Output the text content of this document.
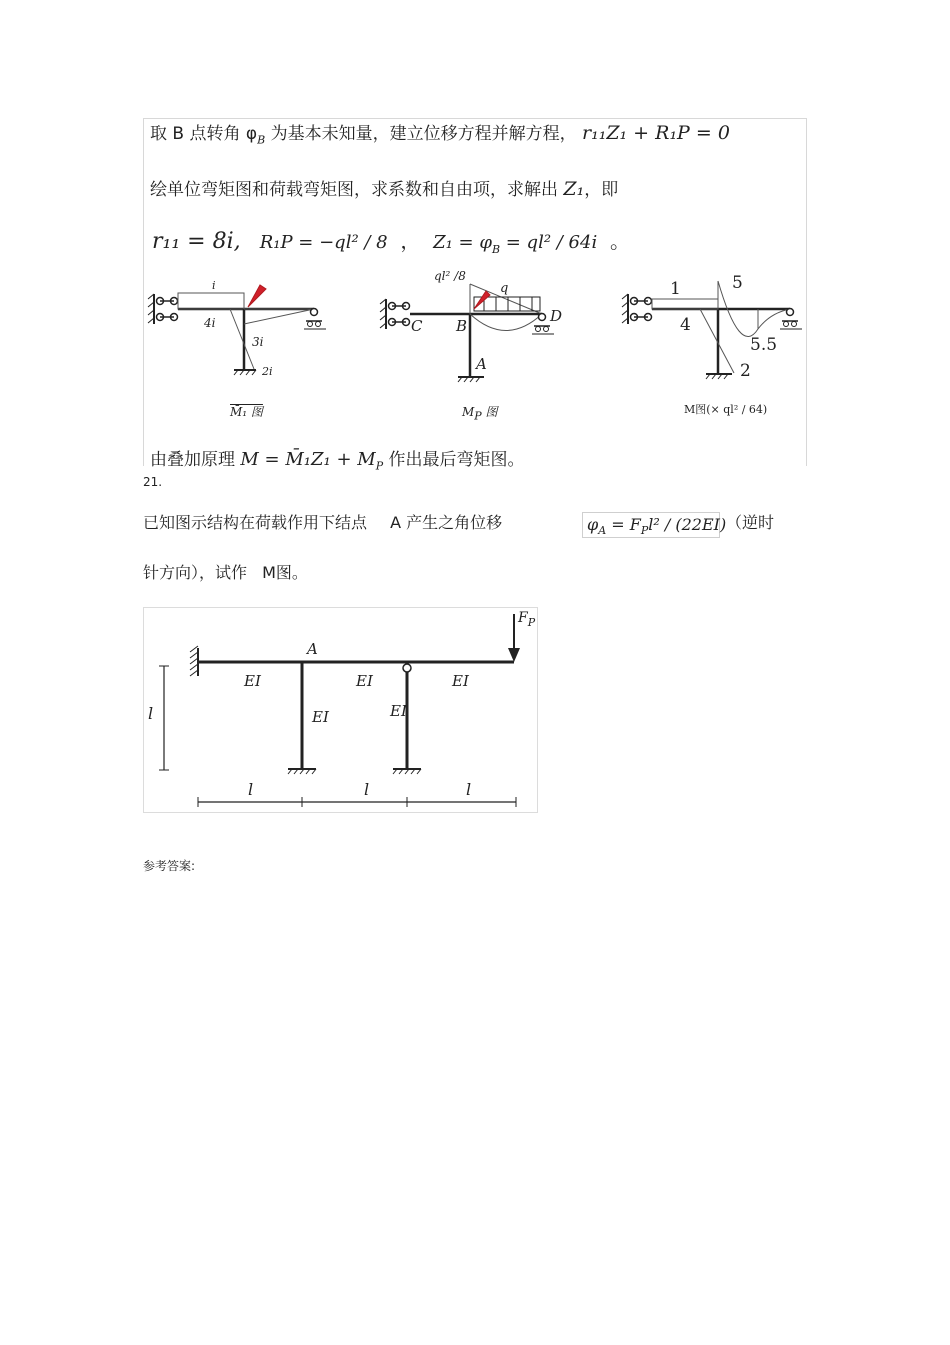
取 B 点转角 $\varphi_B$ 为基本未知量，建立位移方程并解方程， r₁₁Z₁ + R₁P = 0
绘单位弯矩图和荷载弯矩图，求系数和自由项，求解出 Z₁，即
r₁₁ = 8i, R₁P = −ql² / 8 ， $Z_1 = \varphi_B = ql^2 / 64i$ 。
i
4i
3i
2i
M̄₁ 图
ql² /8
q
C B
D
A
$M_P$ 图
1	5
4
5.5
2
M图(× ql² / 64)
由叠加原理 M = M̄₁Z₁ + $M_P$ 作出最后弯矩图。
21.
已知图示结构在荷载作用下结点 A 产生之角位移	$\varphi_A = F_Pl^2 / (22EI)$ （逆时
针方向），试作 M图。
$F_P$
A
EI	EI	EI
EI	EI
l
l	l	l
参考答案:
